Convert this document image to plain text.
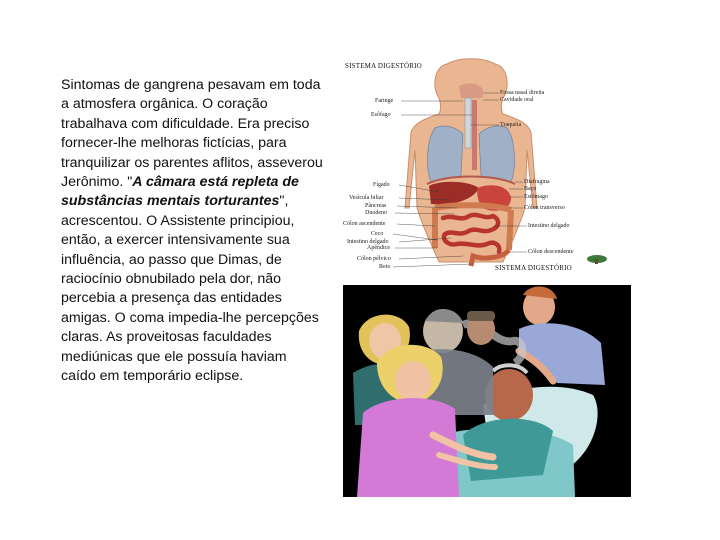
Sintomas de gangrena pesavam em toda a atmosfera orgânica. O coração trabalhava com dificuldade. Era preciso fornecer-lhe melhoras fictícias, para tranquilizar os parentes aflitos, asseverou Jerônimo. "A câmara está repleta de substâncias mentais torturantes", acrescentou. O Assistente principiou, então, a exercer intensivamente sua influência, ao passo que Dimas, de raciocínio obnubilado pela dor, não percebia a presença das entidades amigas. O coma impedia-lhe percepções claras. As proveitosas faculdades mediúnicas que ele possuía haviam caído em temporário eclipse.
SISTEMA DIGESTÓRIO
SISTEMA DIGESTÓRIO
Faringe
Esôfago
Fígado
Vesícula biliar
Pâncreas
Duodeno
Cólon ascendente
Ceco
Intestino delgado
Apêndice
Cólon pélvico
Reto
Fossa nasal direita
Cavidade oral
Traquéia
Diafragma
Baço
Estômago
Cólon transverso
Intestino delgado
Cólon descendente
